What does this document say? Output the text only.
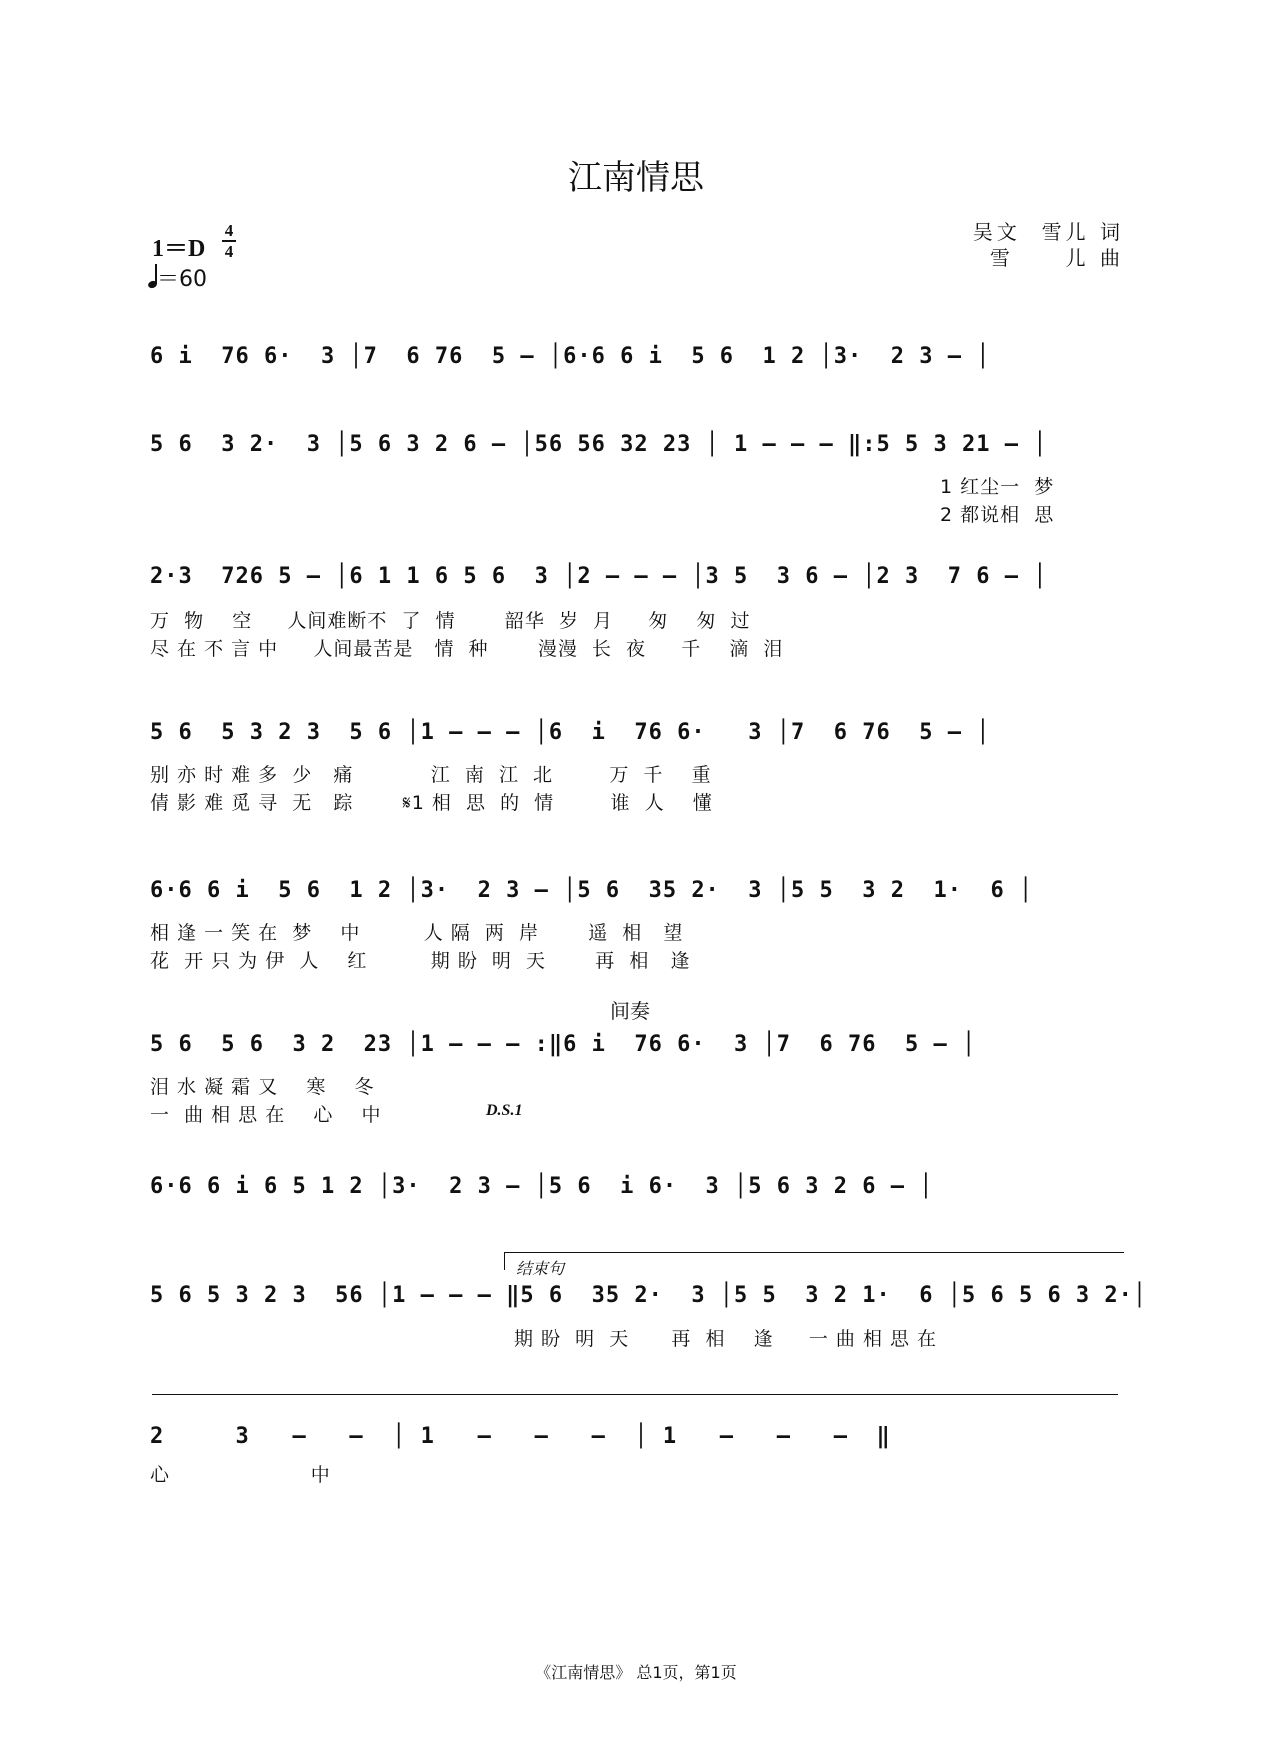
江南情思
1＝D
4
4
＝60
吴文  雪儿 词
雪     儿 曲
6 i  76 6·  3 │7  6 76  5 – │6·6 6 i  5 6  1 2 │3·  2 3 – │
5 6  3 2·  3 │5 6 3 2 6 – │56 56 32 23 │ 1 – – – ‖:5 5 3 21 – │
1 红尘一  梦
2 都说相  思
2·3  726 5 – │6 1 1 6 5 6  3 │2 – – – │3 5  3 6 – │2 3  7 6 – │
万  物    空     人间难断不  了  情       韶华  岁  月     匆    匆  过
尽 在 不 言 中     人间最苦是   情  种       漫漫  长  夜     千    滴  泪
5 6  5 3 2 3  5 6 │1 – – – │6  i  76 6·   3 │7  6 76  5 – │
别 亦 时 难 多  少   痛           江  南  江  北        万  千    重
倩 影 难 觅 寻  无   踪       𝄋1 相  思  的  情        谁  人    懂
6·6 6 i  5 6  1 2 │3·  2 3 – │5 6  35 2·  3 │5 5  3 2  1·  6 │
相 逢 一 笑 在  梦    中         人 隔  两  岸       遥  相   望
花  开 只 为 伊  人    红         期 盼  明  天       再  相   逢
间奏
5 6  5 6  3 2  23 │1 – – – :‖6 i  76 6·  3 │7  6 76  5 – │
泪 水 凝 霜 又    寒    冬
一  曲 相 思 在    心    中	D.S.1
6·6 6 i 6 5 1 2 │3·  2 3 – │5 6  i 6·  3 │5 6 3 2 6 – │
结束句
5 6 5 3 2 3  56 │1 – – – ‖5 6  35 2·  3 │5 5  3 2 1·  6 │5 6 5 6 3 2·│
期 盼  明  天      再  相    逢     一 曲 相 思 在
2     3   –   –  │ 1   –   –   –  │ 1   –   –   –  ‖
心                    中
《江南情思》 总1页，第1页
